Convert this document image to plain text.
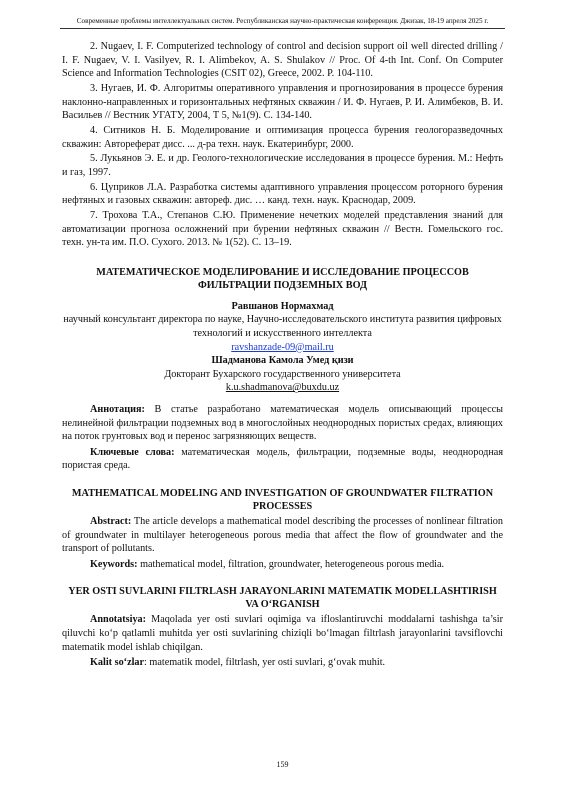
Современные проблемы интеллектуальных систем. Республиканская научно-практическая конференция. Джизак, 18-19 апреля 2025 г.

2. Nugaev, I. F. Computerized technology of control and decision support oil well directed drilling / I. F. Nugaev, V. I. Vasilyev, R. I. Alimbekov, A. S. Shulakov // Proc. Of 4-th Int. Conf. On Computer Science and Information Technologies (CSIT 02), Greece, 2002. P. 104-110.

3. Нугаев, И. Ф. Алгоритмы оперативного управления и прогнозирования в процессе бурения наклонно-направленных и горизонтальных нефтяных скважин / И. Ф. Нугаев, Р. И. Алимбеков, В. И. Васильев // Вестник УГАТУ, 2004, Т 5, №1(9). С. 134-140.

4. Ситников Н. Б. Моделирование и оптимизация процесса бурения геологоразведочных скважин: Автореферат дисс. ... д-ра техн. наук. Екатеринбург, 2000.

5. Лукьянов Э. Е. и др. Геолого-технологические исследования в процессе бурения. М.: Нефть и газ, 1997.

6. Цуприков Л.А. Разработка системы адаптивного управления процессом роторного бурения нефтяных и газовых скважин: автореф. дис. … канд. техн. наук. Краснодар, 2009.

7. Трохова Т.А., Степанов С.Ю. Применение нечетких моделей представления знаний для автоматизации прогноза осложнений при бурении нефтяных скважин // Вестн. Гомельского гос. техн. ун-та им. П.О. Сухого. 2013. № 1(52). С. 13–19.

МАТЕМАТИЧЕСКОЕ МОДЕЛИРОВАНИЕ И ИССЛЕДОВАНИЕ ПРОЦЕССОВ ФИЛЬТРАЦИИ ПОДЗЕМНЫХ ВОД

Равшанов Нормахмад

научный консультант директора по науке, Научно-исследовательского института развития цифровых технологий и искусственного интеллекта

ravshanzade-09@mail.ru

Шадманова Камола Умед қизи

Докторант Бухарского государственного университета

k.u.shadmanova@buxdu.uz

Аннотация: В статье разработано математическая модель описывающий процессы нелинейной фильтрации подземных вод в многослойных неоднородных пористых средах, влияющих на поток грунтовых вод и перенос загрязняющих веществ.

Ключевые слова: математическая модель, фильтрации, подземные воды, неоднородная пористая среда.

MATHEMATICAL MODELING AND INVESTIGATION OF GROUNDWATER FILTRATION PROCESSES

Abstract: The article develops a mathematical model describing the processes of nonlinear filtration of groundwater in multilayer heterogeneous porous media that affect the flow of groundwater and the transport of pollutants.

Keywords: mathematical model, filtration, groundwater, heterogeneous porous media.

YER OSTI SUVLARINI FILTRLASH JARAYONLARINI MATEMATIK MODELLASHTIRISH VA O‘RGANISH

Annotatsiya: Maqolada yer osti suvlari oqimiga va ifloslantiruvchi moddalarni tashishga ta’sir qiluvchi ko‘p qatlamli muhitda yer osti suvlarining chiziqli bo‘lmagan filtrlash jarayonlarini tavsiflovchi matematik model ishlab chiqilgan.

Kalit so‘zlar: matematik model, filtrlash, yer osti suvlari, g‘ovak muhit.

159
